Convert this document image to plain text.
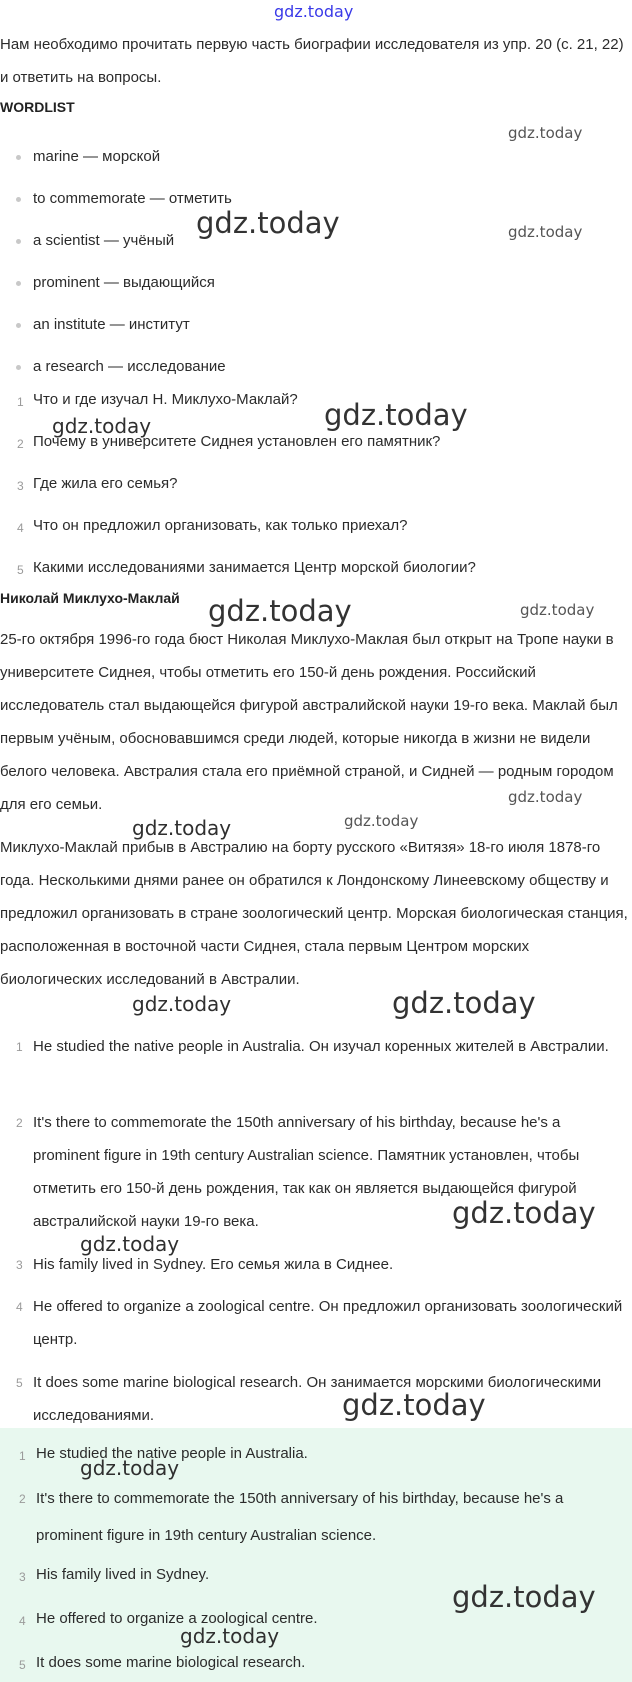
gdz.today

Нам необходимо прочитать первую часть биографии исследователя из упр. 20 (с. 21, 22) и ответить на вопросы.

WORDLIST
marine — морской
to commemorate — отметить
a scientist — учёный
prominent — выдающийся
an institute — институт
a research — исследование
1 Что и где изучал Н. Миклухо-Маклай?
2 Почему в университете Сиднея установлен его памятник?
3 Где жила его семья?
4 Что он предложил организовать, как только приехал?
5 Какими исследованиями занимается Центр морской биологии?
Николай Миклухо-Маклай

25-го октября 1996-го года бюст Николая Миклухо-Маклая был открыт на Тропе науки в университете Сиднея, чтобы отметить его 150-й день рождения. Российский исследователь стал выдающейся фигурой австралийской науки 19-го века. Маклай был первым учёным, обосновавшимся среди людей, которые никогда в жизни не видели белого человека. Австралия стала его приёмной страной, и Сидней — родным городом для его семьи.

Миклухо-Маклай прибыв в Австралию на борту русского «Витязя» 18-го июля 1878-го года. Несколькими днями ранее он обратился к Лондонскому Линеевскому обществу и предложил организовать в стране зоологический центр. Морская биологическая станция, расположенная в восточной части Сиднея, стала первым Центром морских биологических исследований в Австралии.

1 He studied the native people in Australia. Он изучал коренных жителей в Австралии.
2 It's there to commemorate the 150th anniversary of his birthday, because he's a prominent figure in 19th century Australian science. Памятник установлен, чтобы отметить его 150-й день рождения, так как он является выдающейся фигурой австралийской науки 19-го века.
3 His family lived in Sydney. Его семья жила в Сиднее.
4 He offered to organize a zoological centre. Он предложил организовать зоологический центр.
5 It does some marine biological research. Он занимается морскими биологическими исследованиями.
1 He studied the native people in Australia.
2 It's there to commemorate the 150th anniversary of his birthday, because he's a prominent figure in 19th century Australian science.
3 His family lived in Sydney.
4 He offered to organize a zoological centre.
5 It does some marine biological research.
gdz.today
gdz.today	gdz.today
gdz.today
gdz.today
gdz.today	gdz.today
gdz.today
gdz.today
gdz.today
gdz.today	gdz.today
gdz.today
gdz.today
gdz.today
gdz.today
gdz.today
gdz.today
